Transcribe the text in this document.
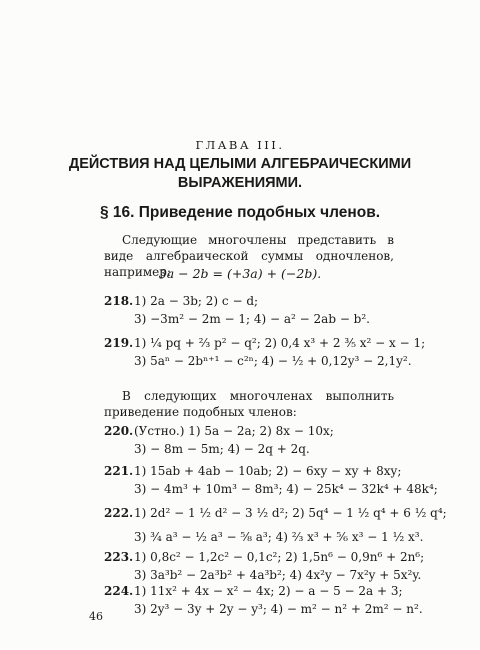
ГЛАВА III.
ДЕЙСТВИЯ НАД ЦЕЛЫМИ АЛГЕБРАИЧЕСКИМИ
ВЫРАЖЕНИЯМИ.
§ 16. Приведение подобных членов.
Следующие многочлены представить в виде алгебраической суммы одночленов, например:
3a − 2b = (+3a) + (−2b).
218.1) 2a − 3b; 2) c − d;
3) −3m² − 2m − 1; 4) − a² − 2ab − b².
219.1) ¼ pq + ⅔ p² − q²; 2) 0,4 x³ + 2 ⅗ x² − x − 1;
3) 5aⁿ − 2bⁿ⁺¹ − c²ⁿ; 4) − ½ + 0,12y³ − 2,1y².
В следующих многочленах выполнить приведение подобных членов:
220.(Устно.) 1) 5a − 2a; 2) 8x − 10x;
3) − 8m − 5m; 4) − 2q + 2q.
221.1) 15ab + 4ab − 10ab; 2) − 6xy − xy + 8xy;
3) − 4m³ + 10m³ − 8m³; 4) − 25k⁴ − 32k⁴ + 48k⁴;
222.1) 2d² − 1 ½ d² − 3 ½ d²; 2) 5q⁴ − 1 ½ q⁴ + 6 ½ q⁴;
3) ¾ a³ − ½ a³ − ⅝ a³; 4) ⅔ x³ + ⅚ x³ − 1 ½ x³.
223.1) 0,8c² − 1,2c² − 0,1c²; 2) 1,5n⁶ − 0,9n⁶ + 2n⁶;
3) 3a³b² − 2a³b² + 4a³b²; 4) 4x²y − 7x²y + 5x²y.
224.1) 11x² + 4x − x² − 4x; 2) − a − 5 − 2a + 3;
3) 2y³ − 3y + 2y − y³; 4) − m² − n² + 2m² − n².
46
